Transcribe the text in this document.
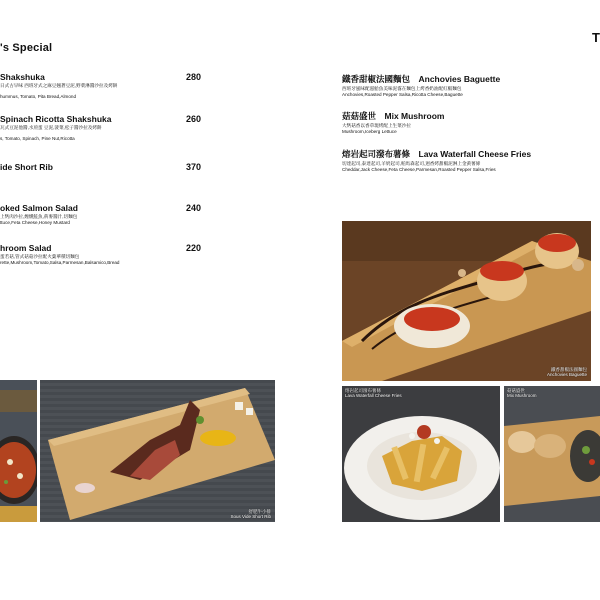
's Special
T
Shakshuka	280
日式古早味 西班牙式之麻豆翹蒼豆泥,野菜淋醬沙拉及烤餅
hummus, Tomato, Pita Bread,Almond
Spinach Ricotta Shakshuka	260
瓦式豆泥他醬,水煎蛋 豆泥,菠菜,松子醬沙拉及烤餅
s, Tomato, Spinach, Pine Nut,Ricotta
ide Short Rib	370
oked Salmon Salad	240
上麫肉沙拉,煙燻鮭魚,荊麥醬汁,切麵包
ttuce,Feta Cheese,Honey Mustard
hroom Salad	220
蛋若菇,管式菇菇沙拉配火葉華積切麵包
rette,Mushroom,Tomato,Salsa,Parmesan,Balsamico,Bread
鐵香甜椒法國麵包　Anchovies Baguette
西班牙風味配滋鮯魚美味泥霧在麵包上烤香奶油配紅椒麵包
Anchovies,Roasted Pepper Salsa,Ricotta Cheese,Baguette
菇菇盛世　Mix Mushroom
大麫菇香以香草現烤配上生菜沙拉
Mushroom,Iceberg Lettuce
熔岩起司潑布薯條　Lava Waterfall Cheese Fries
切達起司,泰達起司,羊奶起司,帕馬森起司,迥香烤甜椒泥淋上金黃薯條
Cheddar,Jack Cheese,Feta Cheese,Parmesan,Roasted Pepper Salsa,Fries
舒肥牛小排
Sous Vide Short Rib
鐵香甜椒法國麵包
Anchovies Baguette
熔岩起司潑布薯條
Lava Waterfall Cheese Fries
菇菇盛世
Mix Mushroom
